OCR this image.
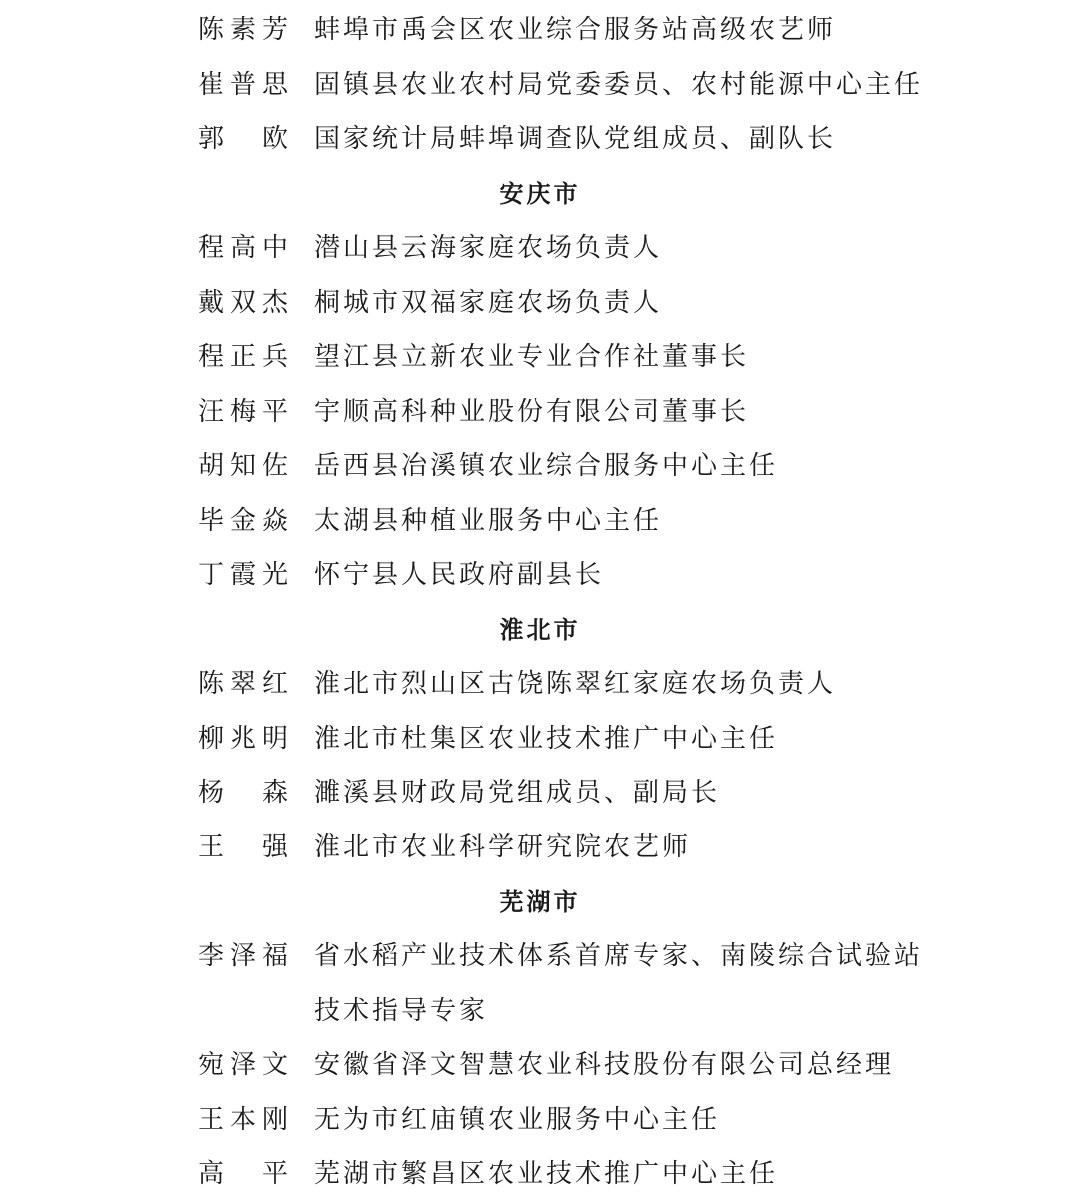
陈素芳 蚌埠市禹会区农业综合服务站高级农艺师
崔普思 固镇县农业农村局党委委员、农村能源中心主任
郭　欧 国家统计局蚌埠调查队党组成员、副队长
安庆市
程高中 潜山县云海家庭农场负责人
戴双杰 桐城市双福家庭农场负责人
程正兵 望江县立新农业专业合作社董事长
汪梅平 宇顺高科种业股份有限公司董事长
胡知佐 岳西县冶溪镇农业综合服务中心主任
毕金焱 太湖县种植业服务中心主任
丁霞光 怀宁县人民政府副县长
淮北市
陈翠红 淮北市烈山区古饶陈翠红家庭农场负责人
柳兆明 淮北市杜集区农业技术推广中心主任
杨　森 濉溪县财政局党组成员、副局长
王　强 淮北市农业科学研究院农艺师
芜湖市
李泽福 省水稻产业技术体系首席专家、南陵综合试验站
技术指导专家
宛泽文 安徽省泽文智慧农业科技股份有限公司总经理
王本刚 无为市红庙镇农业服务中心主任
高　平 芜湖市繁昌区农业技术推广中心主任
